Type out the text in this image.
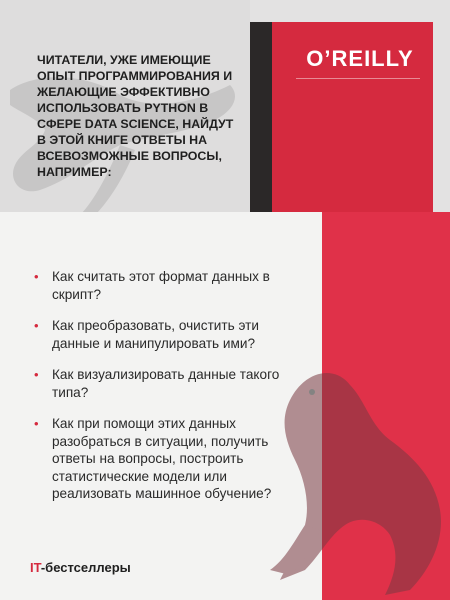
O’REILLY

ЧИТАТЕЛИ, УЖЕ ИМЕЮЩИЕ ОПЫТ ПРОГРАММИРОВАНИЯ И ЖЕЛАЮЩИЕ ЭФФЕКТИВНО ИСПОЛЬЗОВАТЬ PYTHON В СФЕРЕ DATA SCIENCE, НАЙДУТ В ЭТОЙ КНИГЕ ОТВЕТЫ НА ВСЕВОЗМОЖНЫЕ ВОПРОСЫ, НАПРИМЕР:

• Как считать этот формат данных в скрипт?
• Как преобразовать, очистить эти данные и манипулировать ими?
• Как визуализировать данные такого типа?
• Как при помощи этих данных разобраться в ситуации, получить ответы на вопросы, построить статистические модели или реализовать машинное обучение?
IT-бестселлеры
